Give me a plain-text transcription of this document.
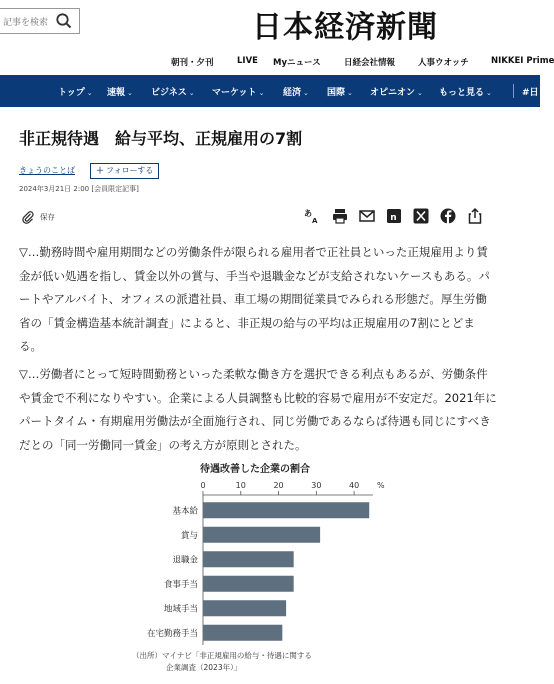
記事を検索	日本経済新聞
朝刊・夕刊	LIVE Myニュース	日経会社情報	人事ウオッチ	NIKKEI Prime
トップ ⌄ 速報 ⌄ ビジネス ⌄ マーケット ⌄ 経済 ⌄ 国際 ⌄ オピニオン ⌄ もっと見る ⌄	#日
非正規待遇　給与平均、正規雇用の7割
きょうのことば	＋ フォローする
2024年3月21日 2:00 [会員限定記事]
保存	あ
A	n

▽…勤務時間や雇用期間などの労働条件が限られる雇用者で正社員といった正規雇用より賃金が低い処遇を指し、賃金以外の賞与、手当や退職金などが支給されないケースもある。パートやアルバイト、オフィスの派遣社員、車工場の期間従業員でみられる形態だ。厚生労働省の「賃金構造基本統計調査」によると、非正規の給与の平均は正規雇用の7割にとどまる。

▽…労働者にとって短時間勤務といった柔軟な働き方を選択できる利点もあるが、労働条件や賃金で不利になりやすい。企業による人員調整も比較的容易で雇用が不安定だ。2021年にパートタイム・有期雇用労働法が全面施行され、同じ労働であるならば待遇も同じにすべきだとの「同一労働同一賃金」の考え方が原則とされた。

待遇改善した企業の割合
0	10	20	30	40 %
基本給
賞与
退職金
食事手当
地域手当
在宅勤務手当
（出所）マイナビ「非正規雇用の給与・待遇に関する
企業調査（2023年）」
